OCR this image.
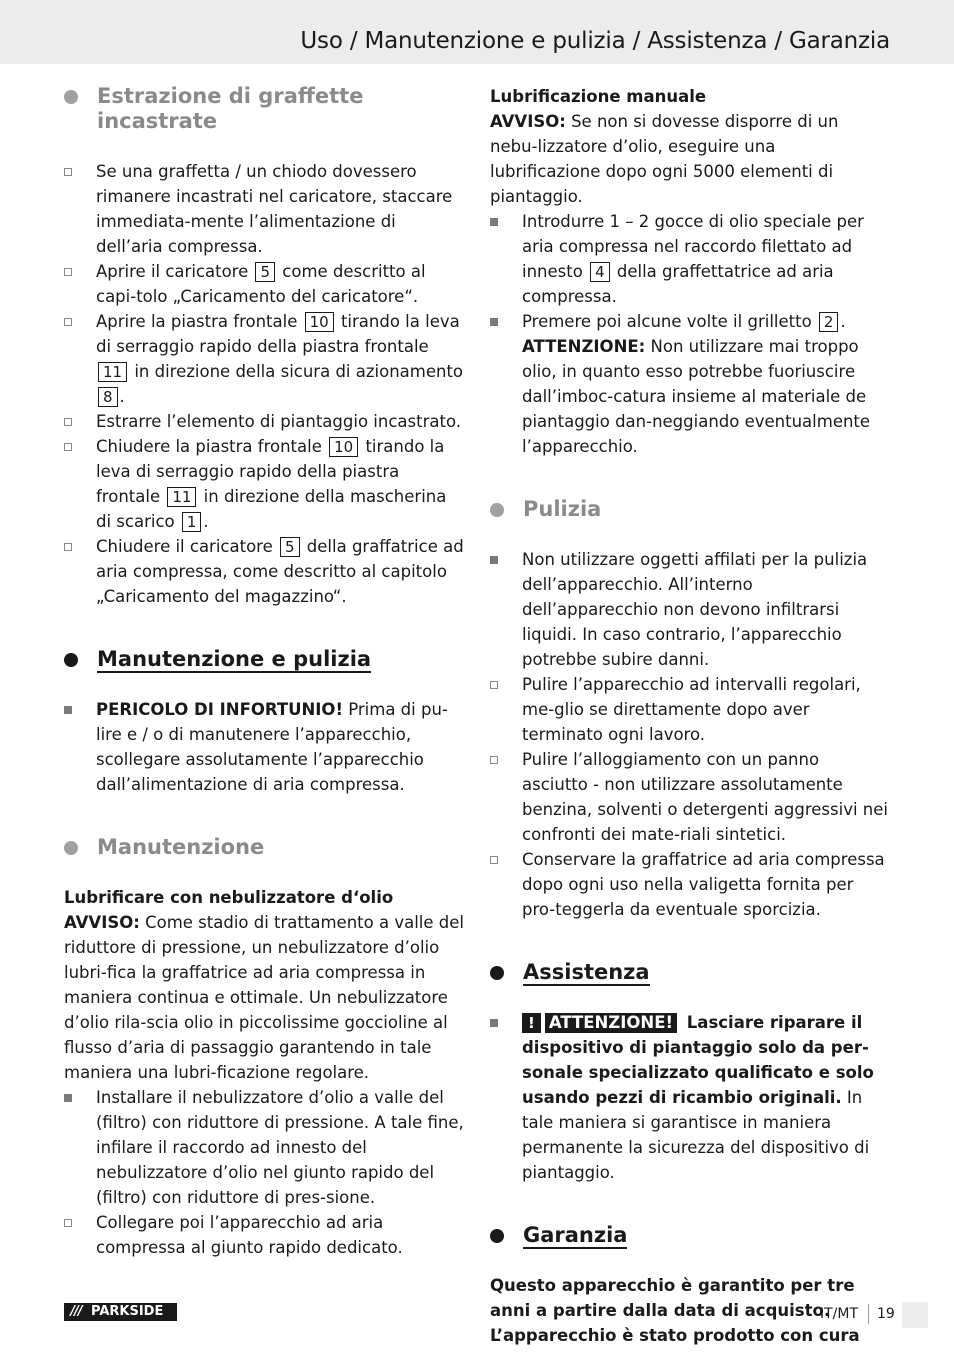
Uso / Manutenzione e pulizia / Assistenza / Garanzia
Estrazione di graffette incastrate
Se una graffetta / un chiodo dovessero rimanere incastrati nel caricatore, staccare immediata-mente l’alimentazione di dell’aria compressa.
Aprire il caricatore 5 come descritto al capi-tolo „Caricamento del caricatore“.
Aprire la piastra frontale 10 tirando la leva di serraggio rapido della piastra frontale 11 in direzione della sicura di azionamento 8 .
Estrarre l’elemento di piantaggio incastrato.
Chiudere la piastra frontale 10 tirando la leva di serraggio rapido della piastra frontale 11 in direzione della mascherina di scarico 1 .
Chiudere il caricatore 5 della graffatrice ad aria compressa, come descritto al capitolo „Caricamento del magazzino“.
Manutenzione e pulizia
PERICOLO DI INFORTUNIO! Prima di pu-lire e / o di manutenere l’apparecchio, scollegare assolutamente l’apparecchio dall’alimentazione di aria compressa.
Manutenzione

Lubrificare con nebulizzatore d‘olio

AVVISO: Come stadio di trattamento a valle del riduttore di pressione, un nebulizzatore d’olio lubri-fica la graffatrice ad aria compressa in maniera continua e ottimale. Un nebulizzatore d’olio rila-scia olio in piccolissime goccioline al flusso d’aria di passaggio garantendo in tale maniera una lubri-ficazione regolare.

Installare il nebulizzatore d’olio a valle del (filtro) con riduttore di pressione. A tale fine, infilare il raccordo ad innesto del nebulizzatore d’olio nel giunto rapido del (filtro) con riduttore di pres-sione.
Collegare poi l’apparecchio ad aria compressa al giunto rapido dedicato.

Lubrificazione manuale

AVVISO: Se non si dovesse disporre di un nebu-lizzatore d’olio, eseguire una lubrificazione dopo ogni 5000 elementi di piantaggio.

Introdurre 1 – 2 gocce di olio speciale per aria compressa nel raccordo filettato ad innesto 4 della graffettatrice ad aria compressa.
Premere poi alcune volte il grilletto 2 .
ATTENZIONE: Non utilizzare mai troppo olio, in quanto esso potrebbe fuoriuscire dall’imboc-catura insieme al materiale de piantaggio dan-neggiando eventualmente l’apparecchio.
Pulizia
Non utilizzare oggetti affilati per la pulizia dell’apparecchio. All’interno dell’apparecchio non devono infiltrarsi liquidi. In caso contrario, l’apparecchio potrebbe subire danni.
Pulire l’apparecchio ad intervalli regolari, me-glio se direttamente dopo aver terminato ogni lavoro.
Pulire l’alloggiamento con un panno asciutto - non utilizzare assolutamente benzina, solventi o detergenti aggressivi nei confronti dei mate-riali sintetici.
Conservare la graffatrice ad aria compressa dopo ogni uso nella valigetta fornita per pro-teggerla da eventuale sporcizia.
Assistenza
! ATTENZIONE! Lasciare riparare il dispositivo di piantaggio solo da per-sonale specializzato qualificato e solo usando pezzi di ricambio originali. In tale maniera si garantisce in maniera permanente la sicurezza del dispositivo di piantaggio.
Garanzia

Questo apparecchio è garantito per tre anni a partire dalla data di acquisto. L’apparecchio è stato prodotto con cura

/// PARKSIDE	IT/MT 19
